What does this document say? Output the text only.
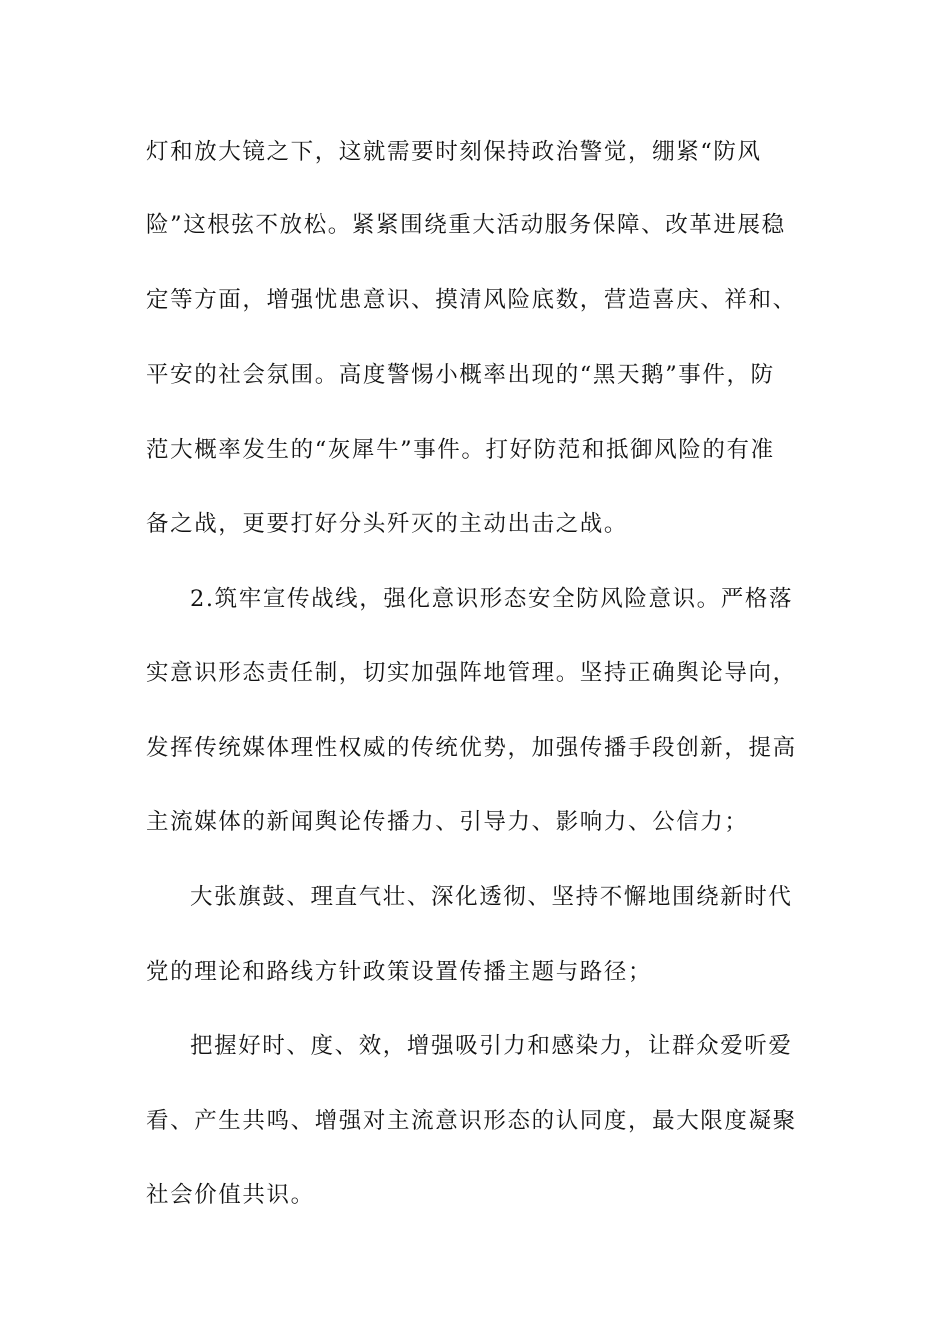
灯和放大镜之下，这就需要时刻保持政治警觉，绷紧“防风
险”这根弦不放松。紧紧围绕重大活动服务保障、改革进展稳
定等方面，增强忧患意识、摸清风险底数，营造喜庆、祥和、
平安的社会氛围。高度警惕小概率出现的“黑天鹅”事件，防
范大概率发生的“灰犀牛”事件。打好防范和抵御风险的有准
备之战，更要打好分头歼灭的主动出击之战。
2.筑牢宣传战线，强化意识形态安全防风险意识。严格落
实意识形态责任制，切实加强阵地管理。坚持正确舆论导向，
发挥传统媒体理性权威的传统优势，加强传播手段创新，提高
主流媒体的新闻舆论传播力、引导力、影响力、公信力；
大张旗鼓、理直气壮、深化透彻、坚持不懈地围绕新时代
党的理论和路线方针政策设置传播主题与路径；
把握好时、度、效，增强吸引力和感染力，让群众爱听爱
看、产生共鸣、增强对主流意识形态的认同度，最大限度凝聚
社会价值共识。
